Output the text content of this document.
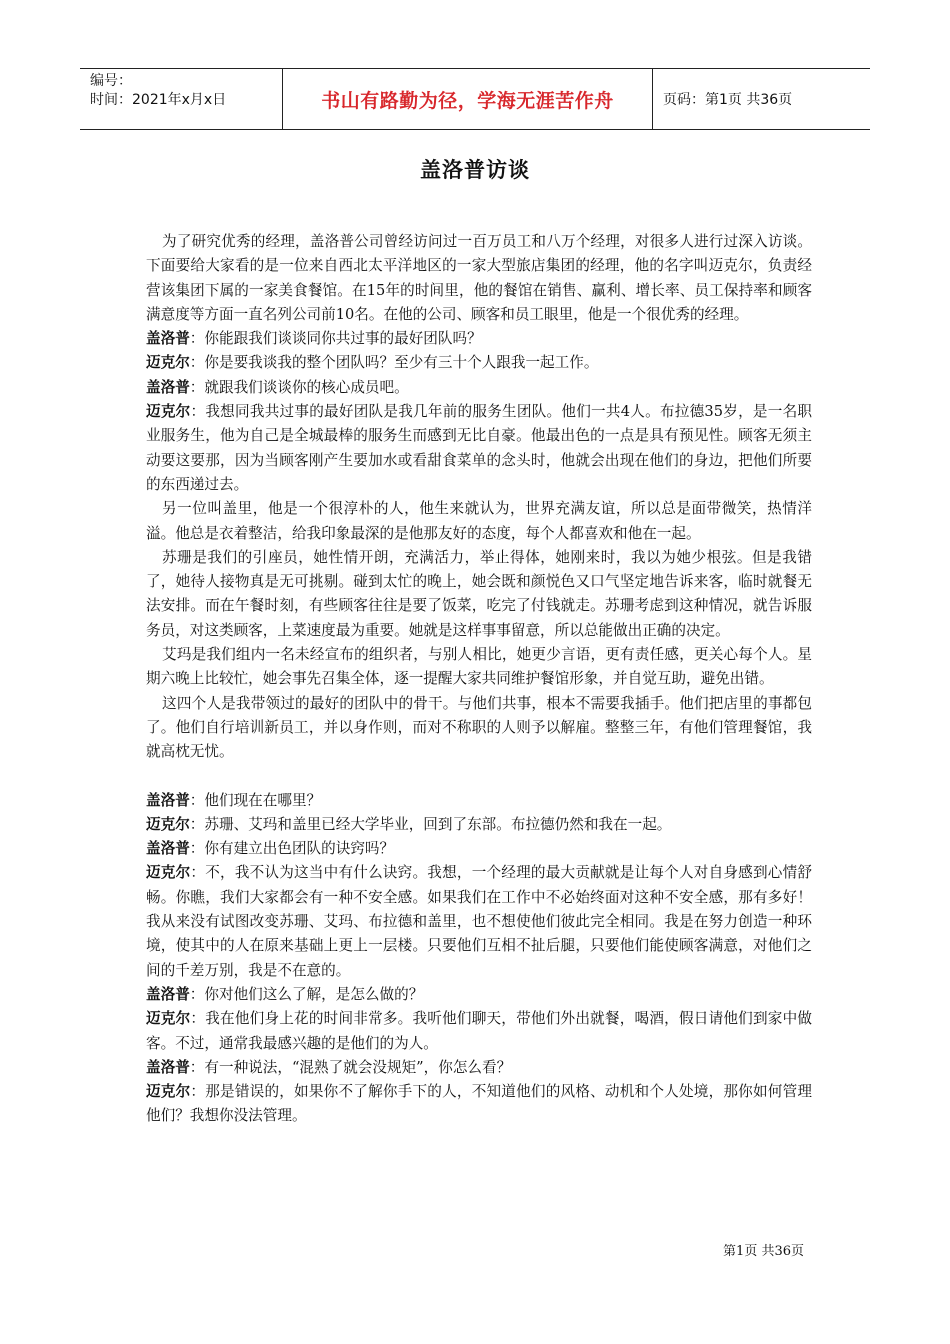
编号：
时间：2021年x月x日	书山有路勤为径，学海无涯苦作舟	页码：第1页 共36页
盖洛普访谈

为了研究优秀的经理，盖洛普公司曾经访问过一百万员工和八万个经理，对很多人进行过深入访谈。下面要给大家看的是一位来自西北太平洋地区的一家大型旅店集团的经理，他的名字叫迈克尔，负责经营该集团下属的一家美食餐馆。在15年的时间里，他的餐馆在销售、赢利、增长率、员工保持率和顾客满意度等方面一直名列公司前10名。在他的公司、顾客和员工眼里，他是一个很优秀的经理。

盖洛普：你能跟我们谈谈同你共过事的最好团队吗？

迈克尔：你是要我谈我的整个团队吗？至少有三十个人跟我一起工作。

盖洛普：就跟我们谈谈你的核心成员吧。

迈克尔：我想同我共过事的最好团队是我几年前的服务生团队。他们一共4人。布拉德35岁，是一名职业服务生，他为自己是全城最棒的服务生而感到无比自豪。他最出色的一点是具有预见性。顾客无须主动要这要那，因为当顾客刚产生要加水或看甜食菜单的念头时，他就会出现在他们的身边，把他们所要的东西递过去。

另一位叫盖里，他是一个很淳朴的人，他生来就认为，世界充满友谊，所以总是面带微笑，热情洋溢。他总是衣着整洁，给我印象最深的是他那友好的态度，每个人都喜欢和他在一起。

苏珊是我们的引座员，她性情开朗，充满活力，举止得体，她刚来时，我以为她少根弦。但是我错了，她待人接物真是无可挑剔。碰到太忙的晚上，她会既和颜悦色又口气坚定地告诉来客，临时就餐无法安排。而在午餐时刻，有些顾客往往是要了饭菜，吃完了付钱就走。苏珊考虑到这种情况，就告诉服务员，对这类顾客，上菜速度最为重要。她就是这样事事留意，所以总能做出正确的决定。

艾玛是我们组内一名未经宣布的组织者，与别人相比，她更少言语，更有责任感，更关心每个人。星期六晚上比较忙，她会事先召集全体，逐一提醒大家共同维护餐馆形象，并自觉互助，避免出错。

这四个人是我带领过的最好的团队中的骨干。与他们共事，根本不需要我插手。他们把店里的事都包了。他们自行培训新员工，并以身作则，而对不称职的人则予以解雇。整整三年，有他们管理餐馆，我就高枕无忧。

盖洛普：他们现在在哪里？

迈克尔：苏珊、艾玛和盖里已经大学毕业，回到了东部。布拉德仍然和我在一起。

盖洛普：你有建立出色团队的诀窍吗？

迈克尔：不，我不认为这当中有什么诀窍。我想，一个经理的最大贡献就是让每个人对自身感到心情舒畅。你瞧，我们大家都会有一种不安全感。如果我们在工作中不必始终面对这种不安全感，那有多好！我从来没有试图改变苏珊、艾玛、布拉德和盖里，也不想使他们彼此完全相同。我是在努力创造一种环境，使其中的人在原来基础上更上一层楼。只要他们互相不扯后腿，只要他们能使顾客满意，对他们之间的千差万别，我是不在意的。

盖洛普：你对他们这么了解，是怎么做的？

迈克尔：我在他们身上花的时间非常多。我听他们聊天，带他们外出就餐，喝酒，假日请他们到家中做客。不过，通常我最感兴趣的是他们的为人。

盖洛普：有一种说法，“混熟了就会没规矩”，你怎么看？

迈克尔：那是错误的，如果你不了解你手下的人，不知道他们的风格、动机和个人处境，那你如何管理他们？我想你没法管理。

第1页 共36页
